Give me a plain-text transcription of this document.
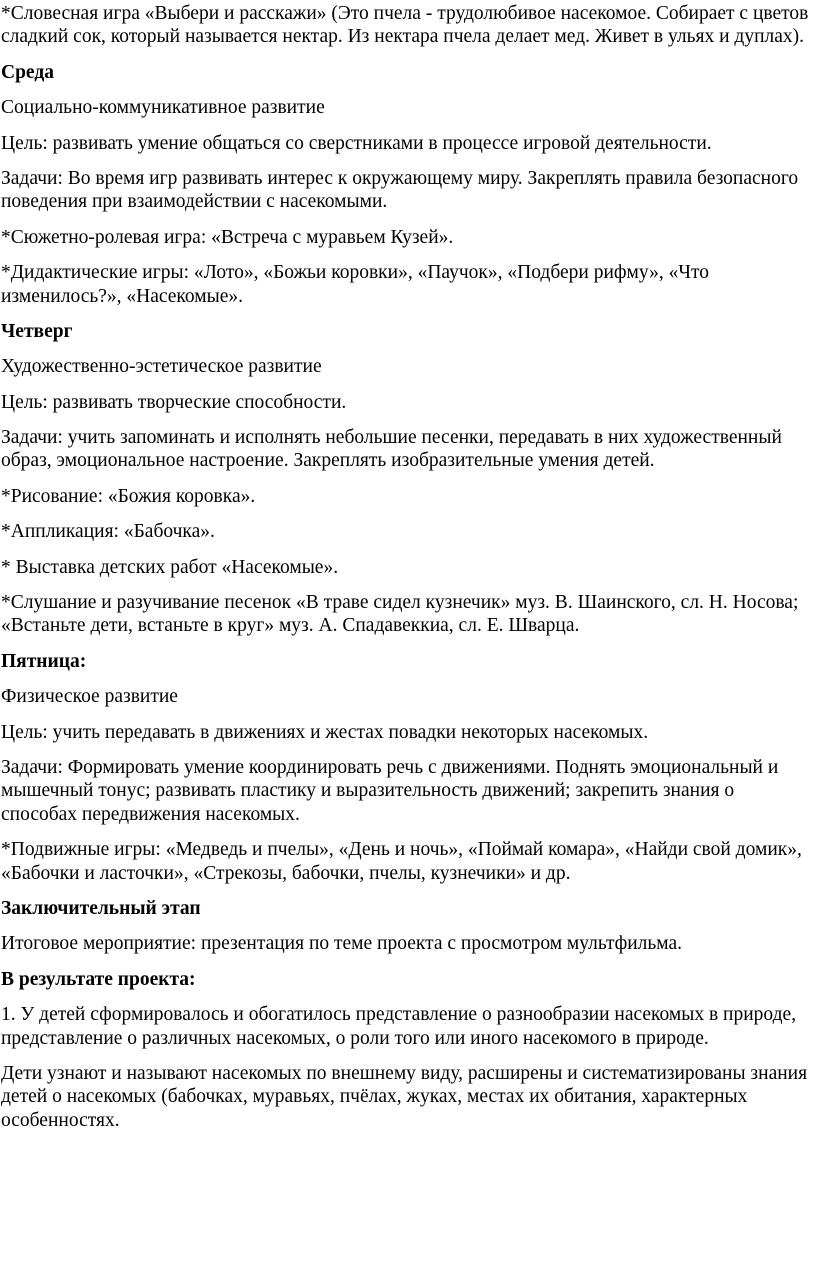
*Словесная игра «Выбери и расскажи» (Это пчела - трудолюбивое насекомое. Собирает с цветов сладкий сок, который называется нектар. Из нектара пчела делает мед. Живет в ульях и дуплах).

Среда

Социально-коммуникативное развитие

Цель: развивать умение общаться со сверстниками в процессе игровой деятельности.

Задачи: Во время игр развивать интерес к окружающему миру. Закреплять правила безопасного поведения при взаимодействии с насекомыми.

*Сюжетно-ролевая игра: «Встреча с муравьем Кузей».

*Дидактические игры: «Лото», «Божьи коровки», «Паучок», «Подбери рифму», «Что изменилось?», «Насекомые».

Четверг

Художественно-эстетическое развитие

Цель: развивать творческие способности.

Задачи: учить запоминать и исполнять небольшие песенки, передавать в них художественный образ, эмоциональное настроение. Закреплять изобразительные умения детей.

*Рисование: «Божия коровка».

*Аппликация: «Бабочка».

* Выставка детских работ «Насекомые».

*Слушание и разучивание песенок «В траве сидел кузнечик» муз. В. Шаинского, сл. Н. Носова; «Встаньте дети, встаньте в круг» муз. А. Спадавеккиа, сл. Е. Шварца.

Пятница:

Физическое развитие

Цель: учить передавать в движениях и жестах повадки некоторых насекомых.

Задачи: Формировать умение координировать речь с движениями. Поднять эмоциональный и мышечный тонус; развивать пластику и выразительность движений; закрепить знания о способах передвижения насекомых.

*Подвижные игры: «Медведь и пчелы», «День и ночь», «Поймай комара», «Найди свой домик», «Бабочки и ласточки», «Стрекозы, бабочки, пчелы, кузнечики» и др.

Заключительный этап

Итоговое мероприятие: презентация по теме проекта с просмотром мультфильма.

В результате проекта:

1. У детей сформировалось и обогатилось представление о разнообразии насекомых в природе, представление о различных насекомых, о роли того или иного насекомого в природе.

Дети узнают и называют насекомых по внешнему виду, расширены и систематизированы знания детей о насекомых (бабочках, муравьях, пчёлах, жуках, местах их обитания, характерных особенностях.
